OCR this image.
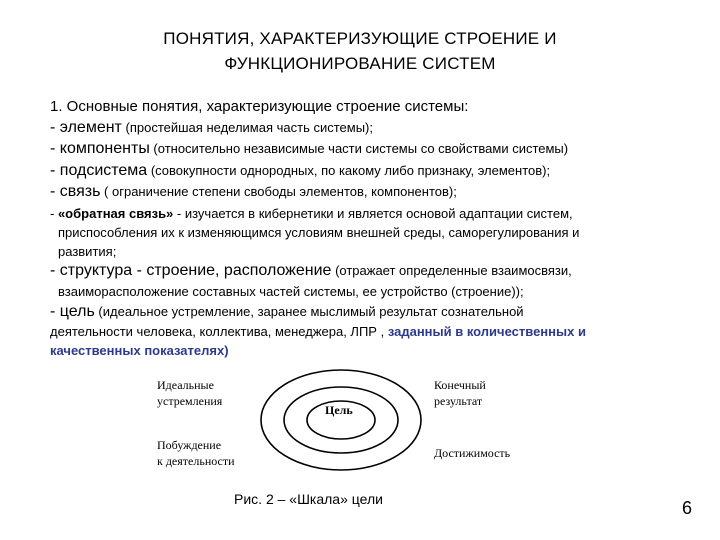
ПОНЯТИЯ, ХАРАКТЕРИЗУЮЩИЕ СТРОЕНИЕ И
ФУНКЦИОНИРОВАНИЕ СИСТЕМ
1. Основные понятия, характеризующие строение системы:
- элемент (простейшая неделимая часть системы);
- компоненты (относительно независимые части системы со свойствами системы)
- подсистема (совокупности однородных, по какому либо признаку, элементов);
- связь ( ограничение степени свободы элементов, компонентов);
- «обратная связь» - изучается в кибернетики и является основой адаптации систем,
приспособления их к изменяющимся условиям внешней среды, саморегулирования и
развития;
- структура - строение, расположение (отражает определенные взаимосвязи,
взаиморасположение составных частей системы, ее устройство (строение));
- цель (идеальное устремление, заранее мыслимый результат сознательной
деятельности человека, коллектива, менеджера, ЛПР , заданный в количественных и
качественных показателях)
Идеальные
устремления
Побуждение
к деятельности
Цель
Конечный
результат
Достижимость
Рис. 2 – «Шкала» цели	6
